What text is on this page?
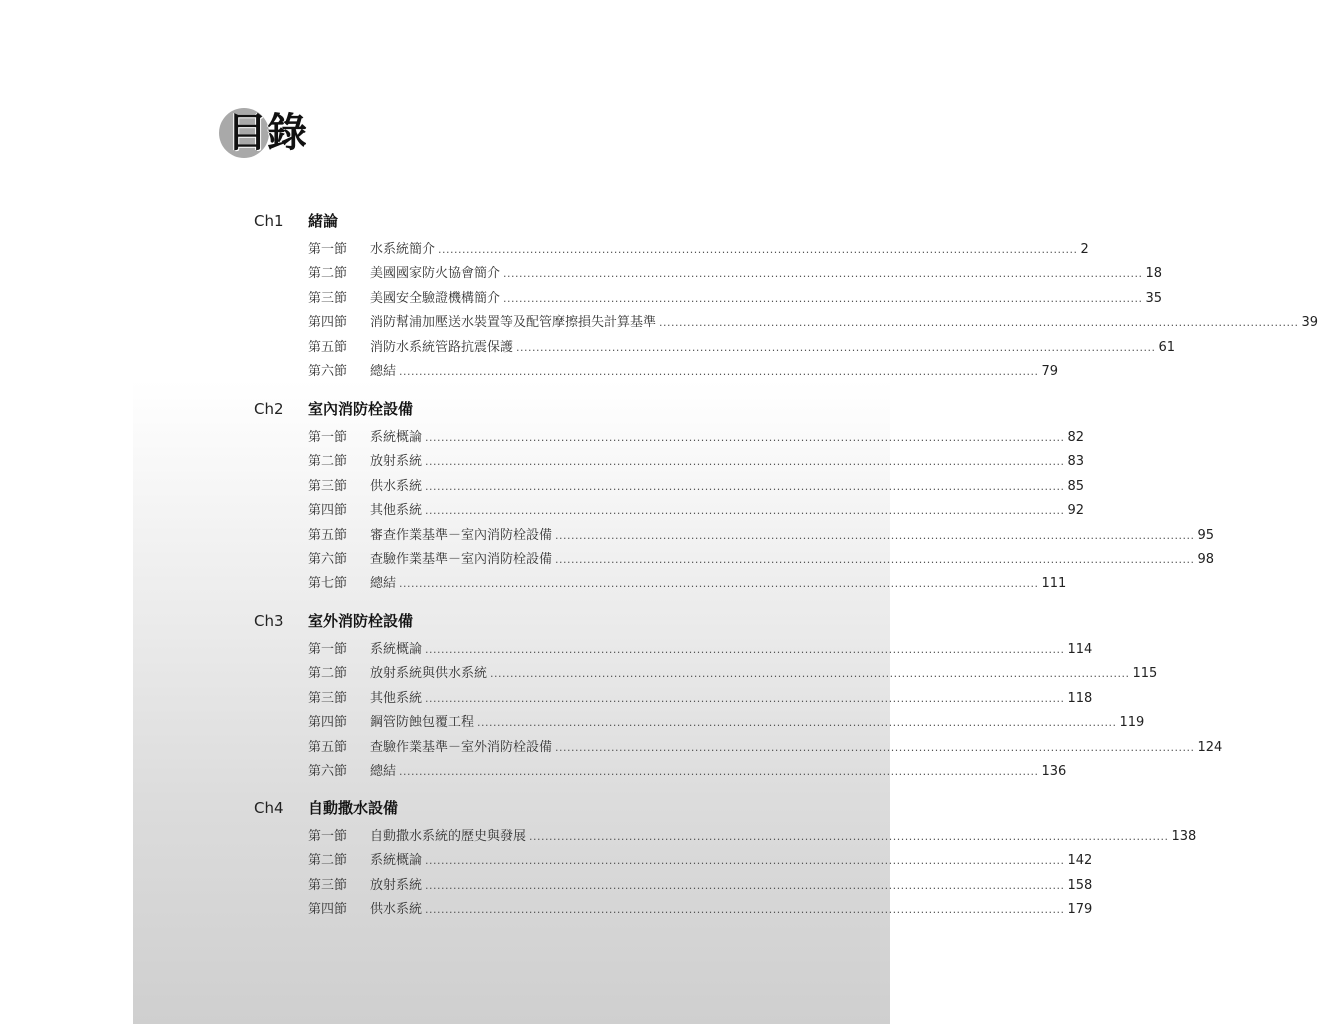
目錄
Ch1 緒論
第一節 水系統簡介 ................................................................................................................................................................ 2
第二節 美國國家防火協會簡介 ................................................................................................................................................................ 18
第三節 美國安全驗證機構簡介 ................................................................................................................................................................ 35
第四節 消防幫浦加壓送水裝置等及配管摩擦損失計算基準 ................................................................................................................................................................ 39
第五節 消防水系統管路抗震保護 ................................................................................................................................................................ 61
第六節 總結 ................................................................................................................................................................ 79
Ch2 室內消防栓設備
第一節 系統概論 ................................................................................................................................................................ 82
第二節 放射系統 ................................................................................................................................................................ 83
第三節 供水系統 ................................................................................................................................................................ 85
第四節 其他系統 ................................................................................................................................................................ 92
第五節 審查作業基準－室內消防栓設備 ................................................................................................................................................................ 95
第六節 查驗作業基準－室內消防栓設備 ................................................................................................................................................................ 98
第七節 總結 ................................................................................................................................................................ 111
Ch3 室外消防栓設備
第一節 系統概論 ................................................................................................................................................................ 114
第二節 放射系統與供水系統 ................................................................................................................................................................ 115
第三節 其他系統 ................................................................................................................................................................ 118
第四節 鋼管防蝕包覆工程 ................................................................................................................................................................ 119
第五節 查驗作業基準－室外消防栓設備 ................................................................................................................................................................ 124
第六節 總結 ................................................................................................................................................................ 136
Ch4 自動撒水設備
第一節 自動撒水系統的歷史與發展 ................................................................................................................................................................ 138
第二節 系統概論 ................................................................................................................................................................ 142
第三節 放射系統 ................................................................................................................................................................ 158
第四節 供水系統 ................................................................................................................................................................ 179
